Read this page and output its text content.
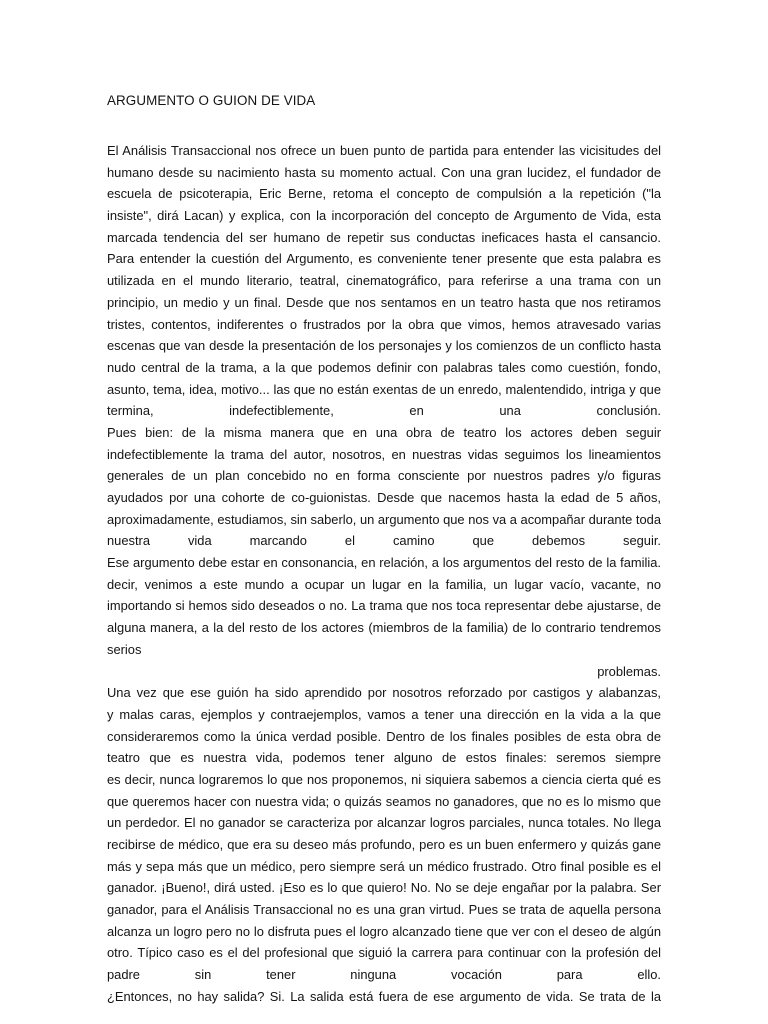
ARGUMENTO O GUION DE VIDA
El Análisis Transaccional nos ofrece un buen punto de partida para entender las vicisitudes del
humano desde su nacimiento hasta su momento actual. Con una gran lucidez, el fundador de
escuela de psicoterapia, Eric Berne, retoma el concepto de compulsión a la repetición ("la
insiste", dirá Lacan) y explica, con la incorporación del concepto de Argumento de Vida, esta
marcada tendencia del ser humano de repetir sus conductas ineficaces hasta el cansancio.
Para entender la cuestión del Argumento, es conveniente tener presente que esta palabra es
utilizada en el mundo literario, teatral, cinematográfico, para referirse a una trama con un
principio, un medio y un final. Desde que nos sentamos en un teatro hasta que nos retiramos
tristes, contentos, indiferentes o frustrados por la obra que vimos, hemos atravesado varias
escenas que van desde la presentación de los personajes y los comienzos de un conflicto hasta
nudo central de la trama, a la que podemos definir con palabras tales como cuestión, fondo,
asunto, tema, idea, motivo... las que no están exentas de un enredo, malentendido, intriga y que
termina, indefectiblemente, en una conclusión.
Pues bien: de la misma manera que en una obra de teatro los actores deben seguir
indefectiblemente la trama del autor, nosotros, en nuestras vidas seguimos los lineamientos
generales de un plan concebido no en forma consciente por nuestros padres y/o figuras
ayudados por una cohorte de co-guionistas. Desde que nacemos hasta la edad de 5 años,
aproximadamente, estudiamos, sin saberlo, un argumento que nos va a acompañar durante toda
nuestra vida marcando el camino que debemos seguir.
Ese argumento debe estar en consonancia, en relación, a los argumentos del resto de la familia.
decir, venimos a este mundo a ocupar un lugar en la familia, un lugar vacío, vacante, no
importando si hemos sido deseados o no. La trama que nos toca representar debe ajustarse, de
alguna manera, a la del resto de los actores (miembros de la familia) de lo contrario tendremos
serios
problemas.
Una vez que ese guión ha sido aprendido por nosotros reforzado por castigos y alabanzas,
y malas caras, ejemplos y contraejemplos, vamos a tener una dirección en la vida a la que
consideraremos como la única verdad posible. Dentro de los finales posibles de esta obra de
teatro que es nuestra vida, podemos tener alguno de estos finales: seremos siempre
es decir, nunca lograremos lo que nos proponemos, ni siquiera sabemos a ciencia cierta qué es
que queremos hacer con nuestra vida; o quizás seamos no ganadores, que no es lo mismo que
un perdedor. El no ganador se caracteriza por alcanzar logros parciales, nunca totales. No llega
recibirse de médico, que era su deseo más profundo, pero es un buen enfermero y quizás gane
más y sepa más que un médico, pero siempre será un médico frustrado. Otro final posible es el
ganador. ¡Bueno!, dirá usted. ¡Eso es lo que quiero! No. No se deje engañar por la palabra. Ser
ganador, para el Análisis Transaccional no es una gran virtud. Pues se trata de aquella persona
alcanza un logro pero no lo disfruta pues el logro alcanzado tiene que ver con el deseo de algún
otro. Típico caso es el del profesional que siguió la carrera para continuar con la profesión del
padre sin tener ninguna vocación para ello.
¿Entonces, no hay salida? Si. La salida está fuera de ese argumento de vida. Se trata de la
